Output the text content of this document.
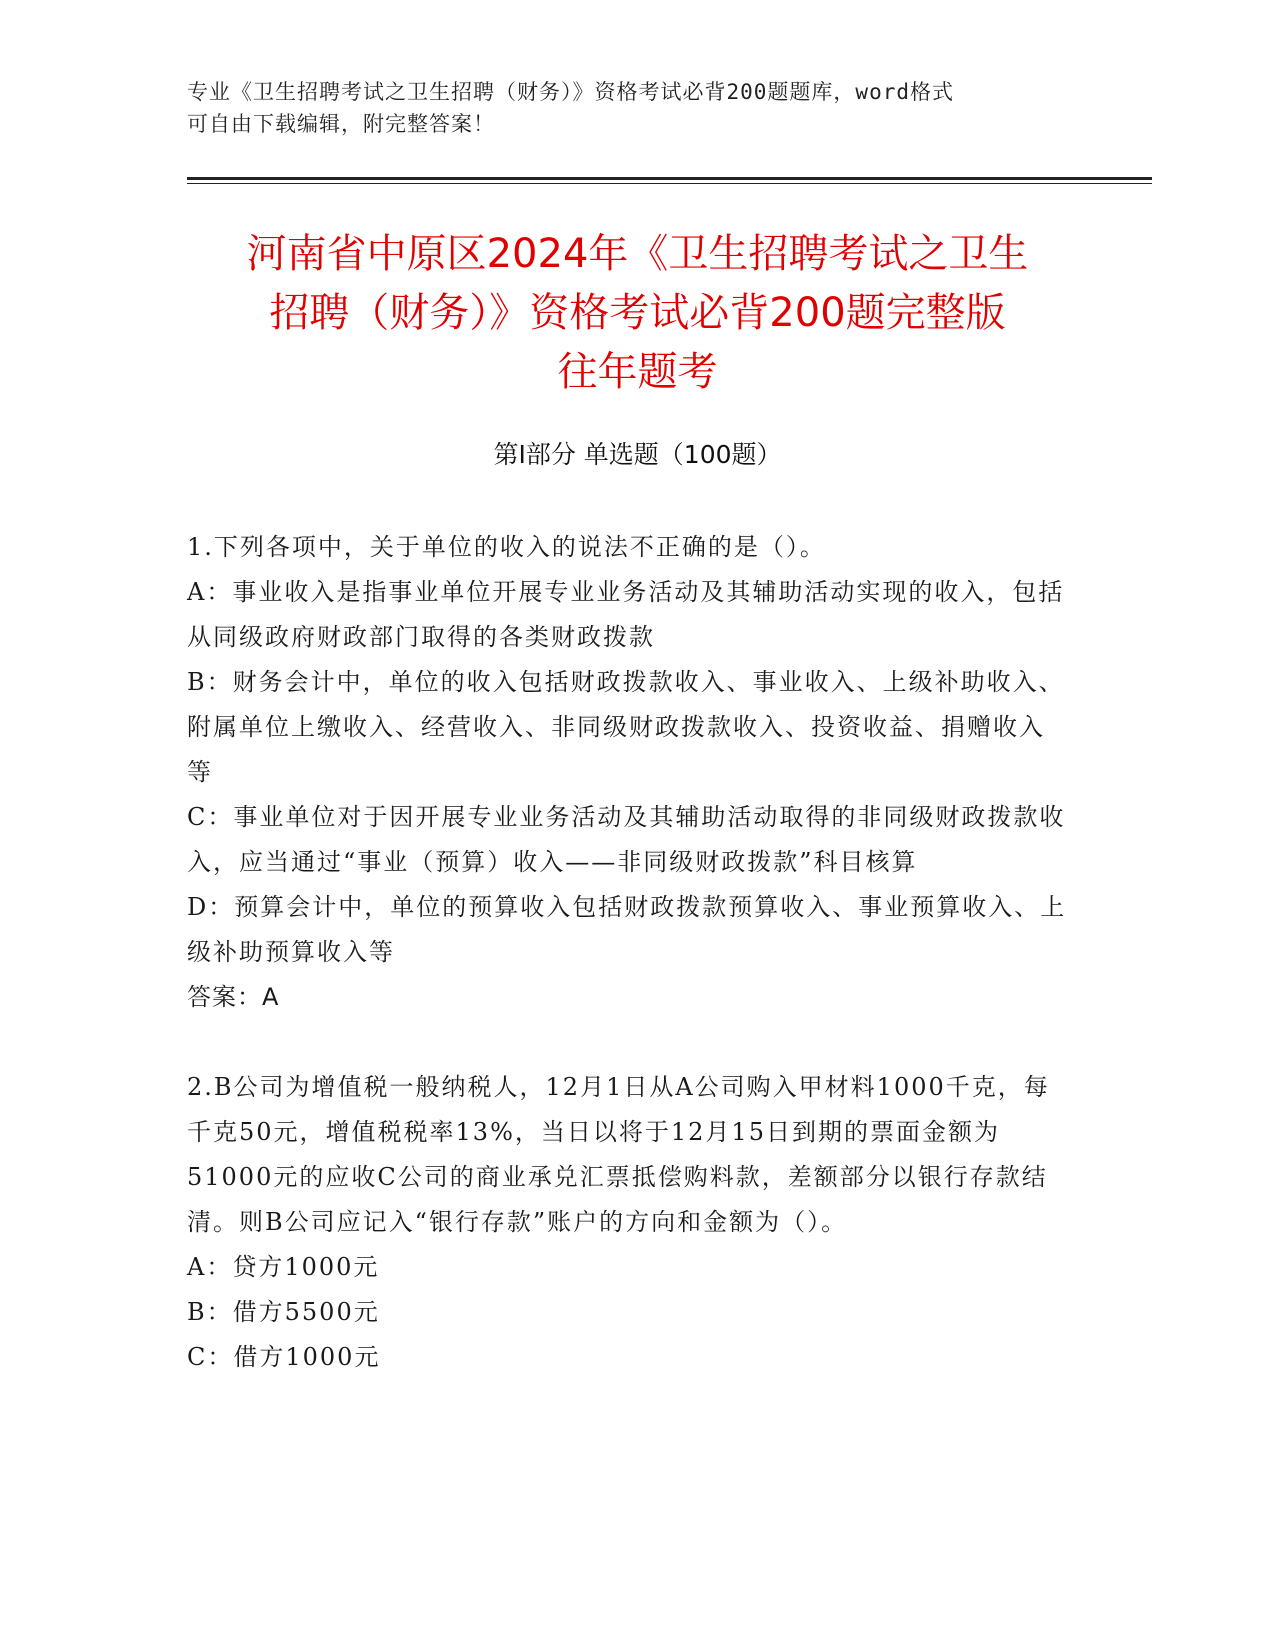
专业《卫生招聘考试之卫生招聘（财务）》资格考试必背200题题库，word格式
可自由下载编辑，附完整答案！
河南省中原区2024年《卫生招聘考试之卫生
招聘（财务）》资格考试必背200题完整版
往年题考
第Ⅰ部分 单选题（100题）

1.下列各项中，关于单位的收入的说法不正确的是（）。

A：事业收入是指事业单位开展专业业务活动及其辅助活动实现的收入，包括从同级政府财政部门取得的各类财政拨款

B：财务会计中，单位的收入包括财政拨款收入、事业收入、上级补助收入、附属单位上缴收入、经营收入、非同级财政拨款收入、投资收益、捐赠收入等

C：事业单位对于因开展专业业务活动及其辅助活动取得的非同级财政拨款收入，应当通过“事业（预算）收入——非同级财政拨款”科目核算

D：预算会计中，单位的预算收入包括财政拨款预算收入、事业预算收入、上级补助预算收入等

答案：A

2.B公司为增值税一般纳税人，12月1日从A公司购入甲材料1000千克，每千克50元，增值税税率13%，当日以将于12月15日到期的票面金额为51000元的应收C公司的商业承兑汇票抵偿购料款，差额部分以银行存款结清。则B公司应记入“银行存款”账户的方向和金额为（）。

A：贷方1000元

B：借方5500元

C：借方1000元
